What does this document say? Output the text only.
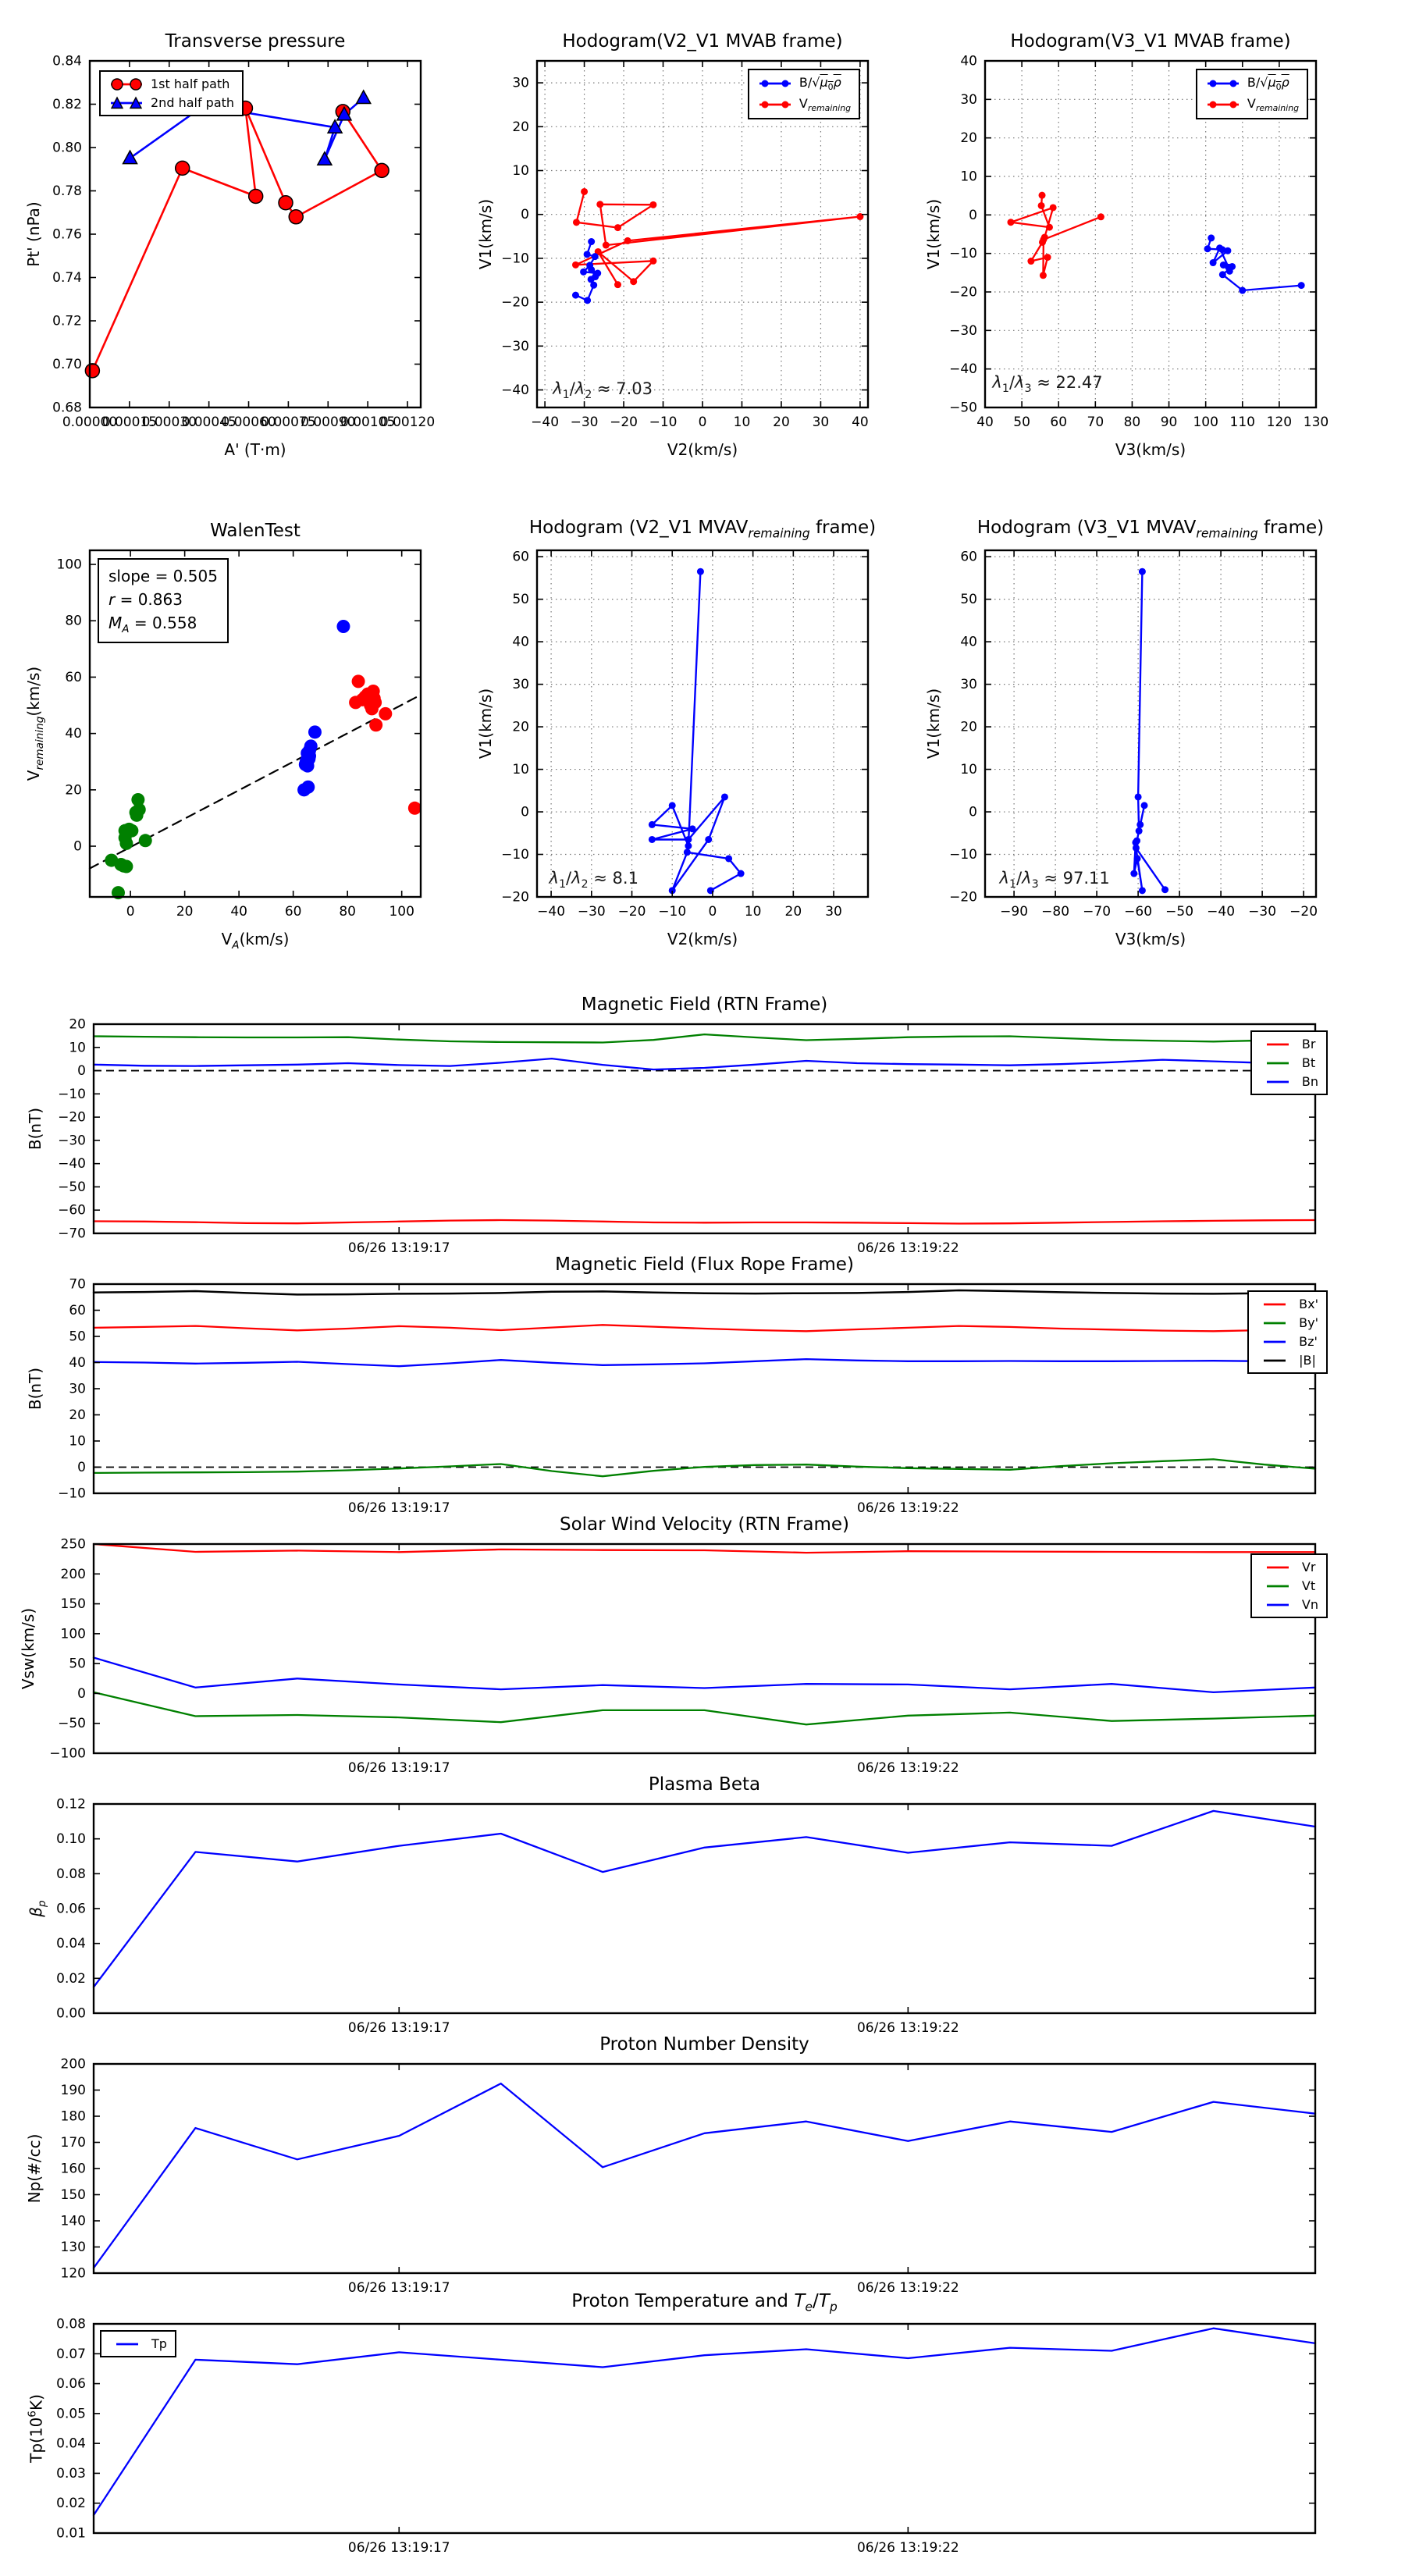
Transverse pressure
Pt' (nPa)
A' (T·m)
0.00000
0.00015
0.00030
0.00045
0.00060
0.00075
0.00090
0.00105
0.00120
0.68
0.70
0.72
0.74
0.76
0.78
0.80
0.82
0.84
1st half path
2nd half path
Hodogram(V2_V1 MVAB frame)
V1(km/s)
V2(km/s)
−40 −30 −20 −10 0 10 20 30 40
−40
−30
−20
−10
0
10
20
30
$\lambda_1/\lambda_2 \approx 7.03$
$B/√\mu_0\overline{\rho}$
$V_{remaining}$
Hodogram(V3_V1 MVAB frame)
V1(km/s)
V3(km/s)
40 50 60 70 80 90 100 110 120 130
−50
−40
−30
−20
−10
0
10
20
30
40
$\lambda_1/\lambda_3 \approx 22.47$
$B/√\mu_0\overline{\rho}$
$V_{remaining}$
WalenTest
$V_{remaining}(km/s)$
$V_A(km/s)$
0	20	40	60	80 100
0
20
40
60
80
100
slope = 0.505
r = 0.863
$M_A = 0.558$
Hodogram (V2_V1 $MVAV_{remaining}$ frame)
V1(km/s)
V2(km/s)
−40 −30 −20 −10 0 10 20 30
−20
−10
0
10
20
30
40
50
60
$\lambda_1/\lambda_2 \approx 8.1$
Hodogram (V3_V1 $MVAV_{remaining}$ frame)
V1(km/s)
V3(km/s)
−90 −80 −70 −60 −50 −40 −30 −20
−20
−10
0
10
20
30
40
50
60
$\lambda_1/\lambda_3 \approx 97.11$
Magnetic Field (RTN Frame)
B(nT)
06/26 13:19:17	06/26 13:19:22
−70
−60
−50
−40
−30
−20
−10
0
10
20
Br
Bt
Bn
Magnetic Field (Flux Rope Frame)
B(nT)
06/26 13:19:17	06/26 13:19:22
−10
0
10
20
30
40
50
60
70
Bx'
By'
Bz'
|B|
Solar Wind Velocity (RTN Frame)
Vsw(km/s)
06/26 13:19:17	06/26 13:19:22
−100
−50
0
50
100
150
200
250
Vr
Vt
Vn
Plasma Beta
$\beta_p$
06/26 13:19:17	06/26 13:19:22
0.00
0.02
0.04
0.06
0.08
0.10
0.12
Proton Number Density
Np(#/cc)
06/26 13:19:17	06/26 13:19:22
120
130
140
150
160
170
180
190
200
Proton Temperature and $T_e/T_p$
$Tp(10^6K)$
06/26 13:19:17	06/26 13:19:22
0.01
0.02
0.03
0.04
0.05
0.06
0.07
0.08
Tp
